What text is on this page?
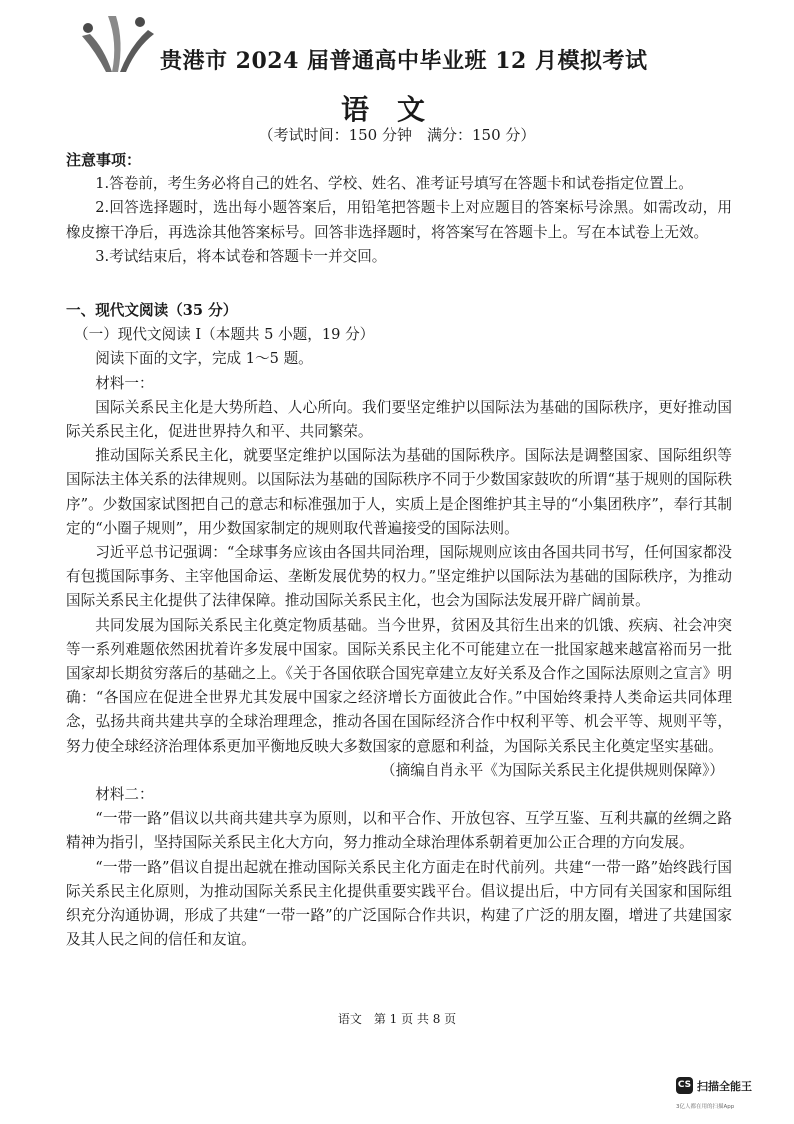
贵港市 2024 届普通高中毕业班 12 月模拟考试
语文
（考试时间：150 分钟　满分：150 分）

注意事项：

1.答卷前，考生务必将自己的姓名、学校、姓名、准考证号填写在答题卡和试卷指定位置上。

2.回答选择题时，选出每小题答案后，用铅笔把答题卡上对应题目的答案标号涂黑。如需改动，用橡皮擦干净后，再选涂其他答案标号。回答非选择题时，将答案写在答题卡上。写在本试卷上无效。

3.考试结束后，将本试卷和答题卡一并交回。

一、现代文阅读（35 分）

（一）现代文阅读 I（本题共 5 小题，19 分）

阅读下面的文字，完成 1～5 题。

材料一：

国际关系民主化是大势所趋、人心所向。我们要坚定维护以国际法为基础的国际秩序，更好推动国际关系民主化，促进世界持久和平、共同繁荣。

推动国际关系民主化，就要坚定维护以国际法为基础的国际秩序。国际法是调整国家、国际组织等国际法主体关系的法律规则。以国际法为基础的国际秩序不同于少数国家鼓吹的所谓“基于规则的国际秩序”。少数国家试图把自己的意志和标准强加于人，实质上是企图维护其主导的“小集团秩序”，奉行其制定的“小圈子规则”，用少数国家制定的规则取代普遍接受的国际法则。

习近平总书记强调：“全球事务应该由各国共同治理，国际规则应该由各国共同书写，任何国家都没有包揽国际事务、主宰他国命运、垄断发展优势的权力。”坚定维护以国际法为基础的国际秩序，为推动国际关系民主化提供了法律保障。推动国际关系民主化，也会为国际法发展开辟广阔前景。

共同发展为国际关系民主化奠定物质基础。当今世界，贫困及其衍生出来的饥饿、疾病、社会冲突等一系列难题依然困扰着许多发展中国家。国际关系民主化不可能建立在一批国家越来越富裕而另一批国家却长期贫穷落后的基础之上。《关于各国依联合国宪章建立友好关系及合作之国际法原则之宣言》明确：“各国应在促进全世界尤其发展中国家之经济增长方面彼此合作。”中国始终秉持人类命运共同体理念，弘扬共商共建共享的全球治理理念，推动各国在国际经济合作中权利平等、机会平等、规则平等，努力使全球经济治理体系更加平衡地反映大多数国家的意愿和利益，为国际关系民主化奠定坚实基础。

（摘编自肖永平《为国际关系民主化提供规则保障》）

材料二：

“一带一路”倡议以共商共建共享为原则，以和平合作、开放包容、互学互鉴、互利共赢的丝绸之路精神为指引，坚持国际关系民主化大方向，努力推动全球治理体系朝着更加公正合理的方向发展。

“一带一路”倡议自提出起就在推动国际关系民主化方面走在时代前列。共建“一带一路”始终践行国际关系民主化原则，为推动国际关系民主化提供重要实践平台。倡议提出后，中方同有关国家和国际组织充分沟通协调，形成了共建“一带一路”的广泛国际合作共识，构建了广泛的朋友圈，增进了共建国家及其人民之间的信任和友谊。

语文　第 1 页 共 8 页
CS 扫描全能王
3亿人都在用的扫描App
